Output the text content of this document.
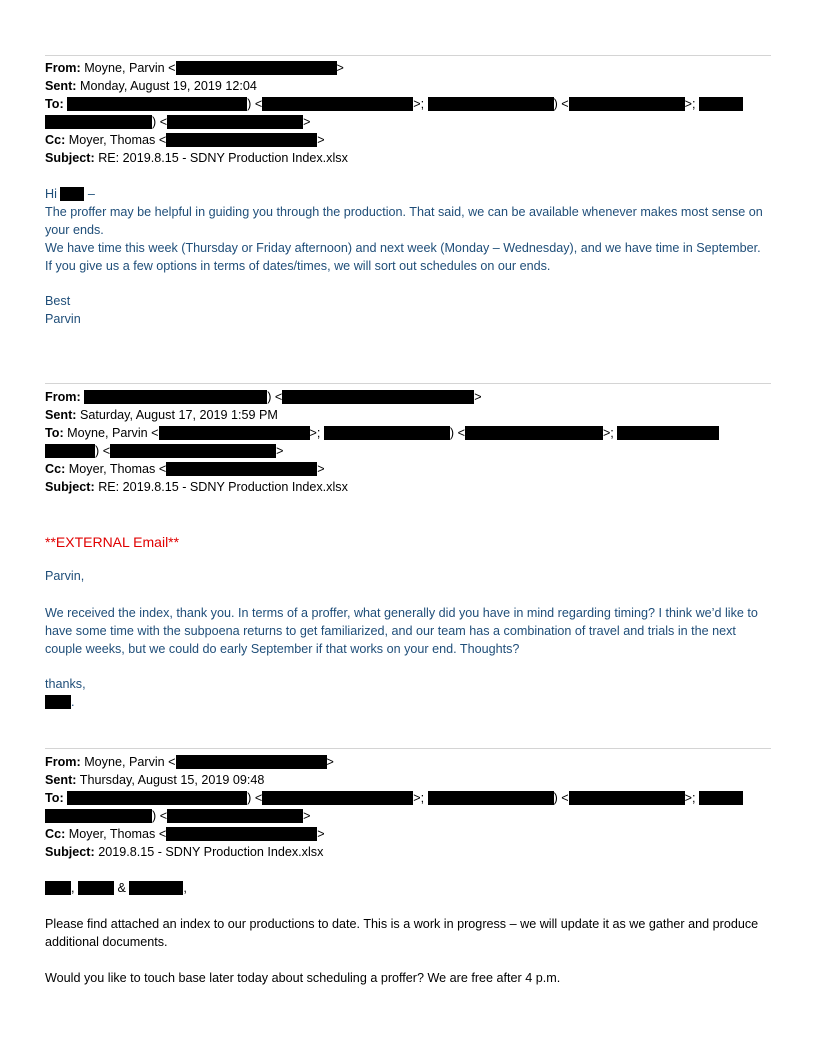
From: Moyne, Parvin <	>
Sent: Monday, August 19, 2019 12:04
To:	) <	>;	) <	>;
) <	>
Cc: Moyer, Thomas <	>
Subject: RE: 2019.8.15 - SDNY Production Index.xlsx
Hi –
The proffer may be helpful in guiding you through the production. That said, we can be available whenever makes most sense on your ends.
We have time this week (Thursday or Friday afternoon) and next week (Monday – Wednesday), and we have time in September. If you give us a few options in terms of dates/times, we will sort out schedules on our ends.
Best
Parvin
From:	) <	>
Sent: Saturday, August 17, 2019 1:59 PM
To: Moyne, Parvin <	>;	) <	>;
) <	>
Cc: Moyer, Thomas <	>
Subject: RE: 2019.8.15 - SDNY Production Index.xlsx
**EXTERNAL Email**
Parvin,
We received the index, thank you. In terms of a proffer, what generally did you have in mind regarding timing? I think we’d like to have some time with the subpoena returns to get familiarized, and our team has a combination of travel and trials in the next couple weeks, but we could do early September if that works on your end. Thoughts?
thanks,
.
From: Moyne, Parvin <	>
Sent: Thursday, August 15, 2019 09:48
To:	) <	>;	) <	>;
) <	>
Cc: Moyer, Thomas <	>
Subject: 2019.8.15 - SDNY Production Index.xlsx
,	&	,
Please find attached an index to our productions to date. This is a work in progress – we will update it as we gather and produce additional documents.
Would you like to touch base later today about scheduling a proffer? We are free after 4 p.m.
